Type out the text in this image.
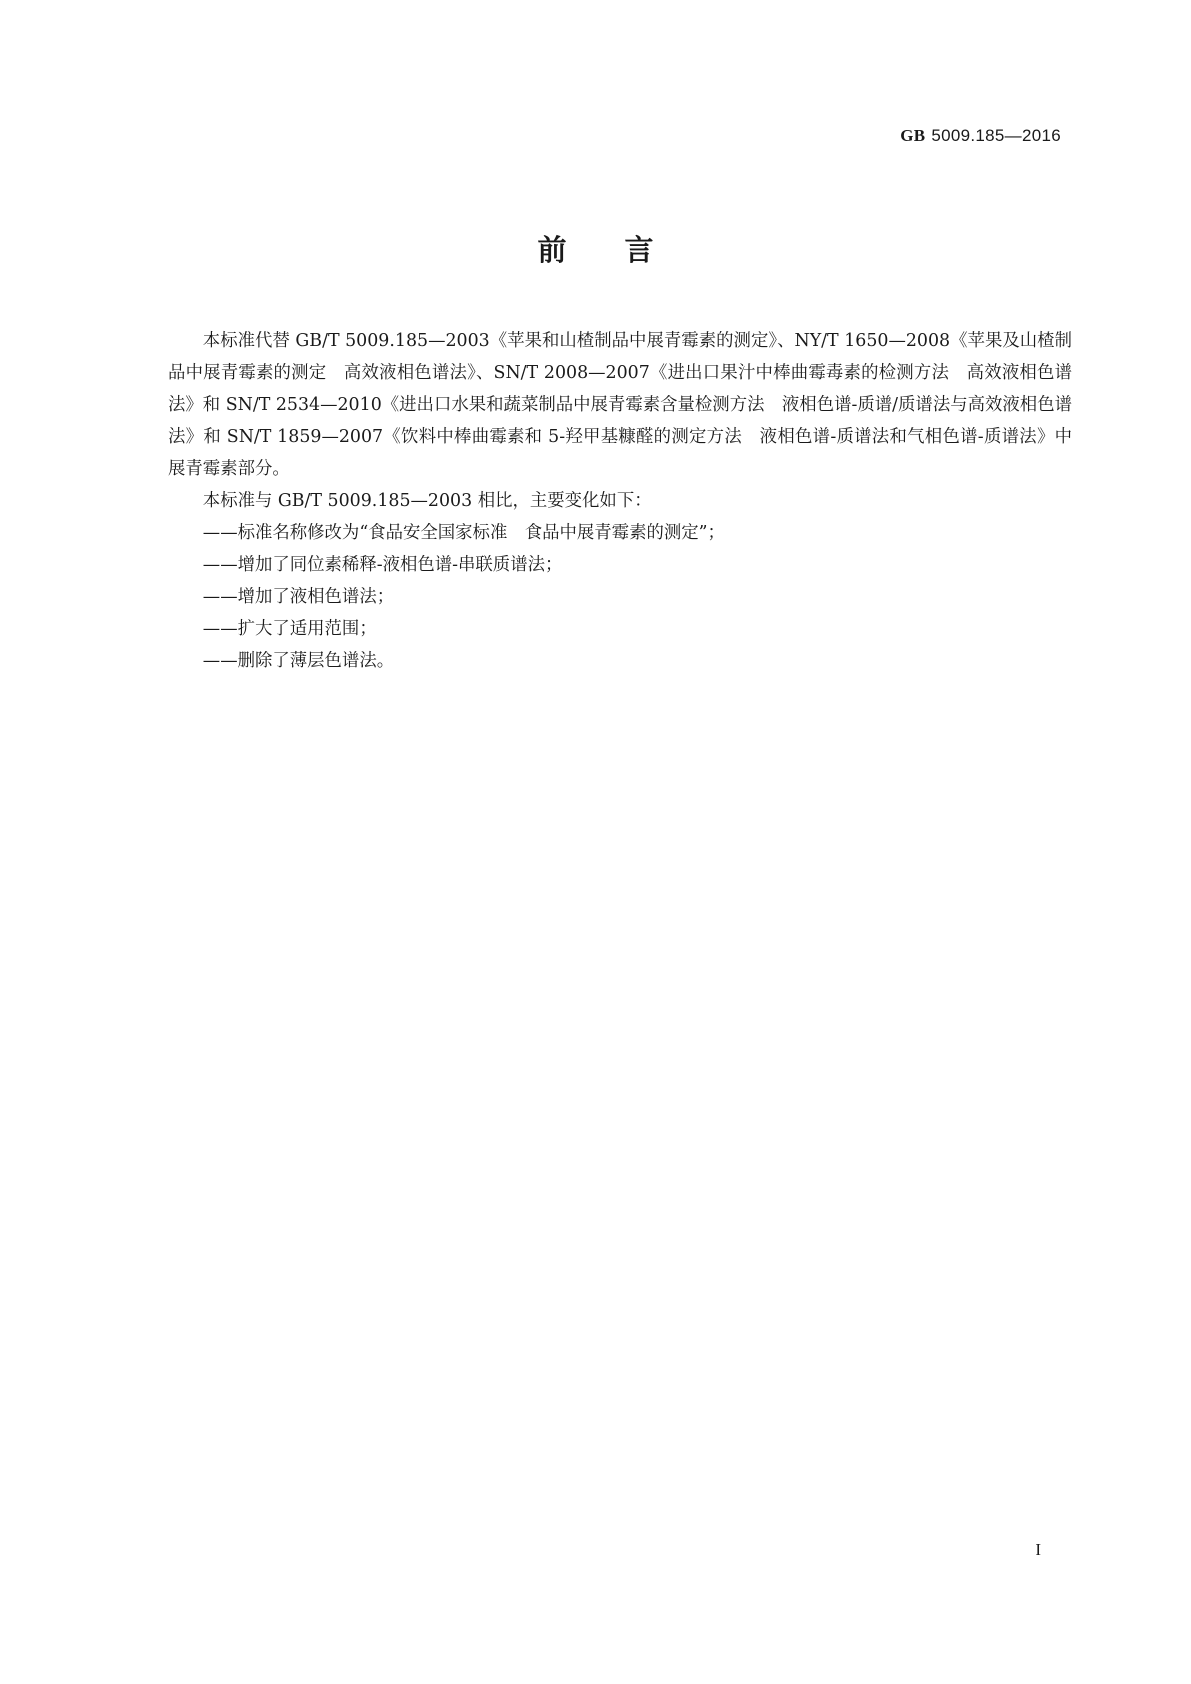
GB 5009.185—2016
前言

本标准代替 GB/T 5009.185—2003《苹果和山楂制品中展青霉素的测定》、NY/T 1650—2008《苹果及山楂制品中展青霉素的测定　高效液相色谱法》、SN/T 2008—2007《进出口果汁中棒曲霉毒素的检测方法　高效液相色谱法》和 SN/T 2534—2010《进出口水果和蔬菜制品中展青霉素含量检测方法　液相色谱-质谱/质谱法与高效液相色谱法》和 SN/T 1859—2007《饮料中棒曲霉素和 5-羟甲基糠醛的测定方法　液相色谱-质谱法和气相色谱-质谱法》中展青霉素部分。

本标准与 GB/T 5009.185—2003 相比，主要变化如下：

——标准名称修改为“食品安全国家标准　食品中展青霉素的测定”；

——增加了同位素稀释-液相色谱-串联质谱法；

——增加了液相色谱法；

——扩大了适用范围；

——删除了薄层色谱法。

I
